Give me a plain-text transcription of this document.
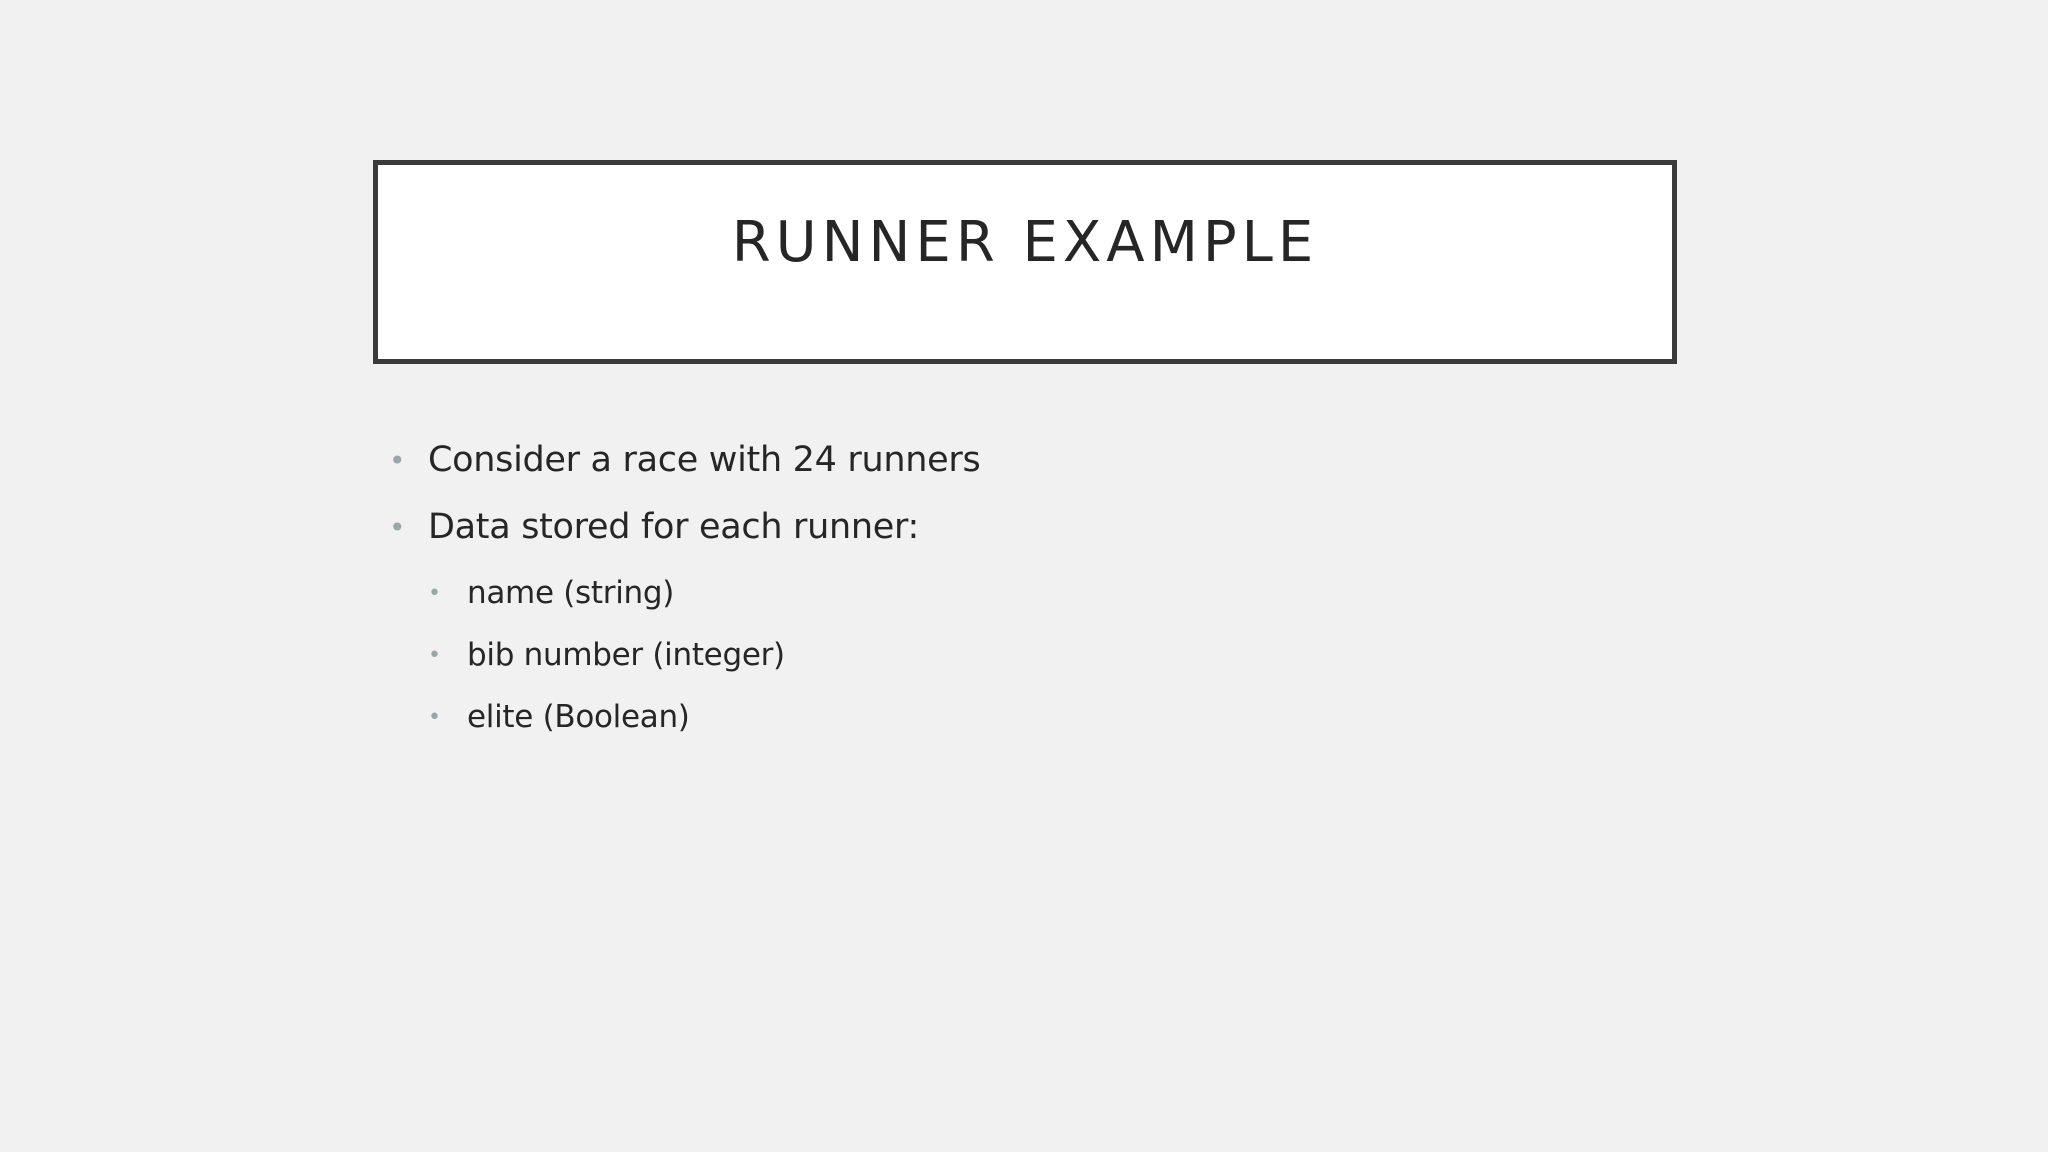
RUNNER EXAMPLE
• Consider a race with 24 runners
• Data stored for each runner:
• name (string)
• bib number (integer)
• elite (Boolean)
